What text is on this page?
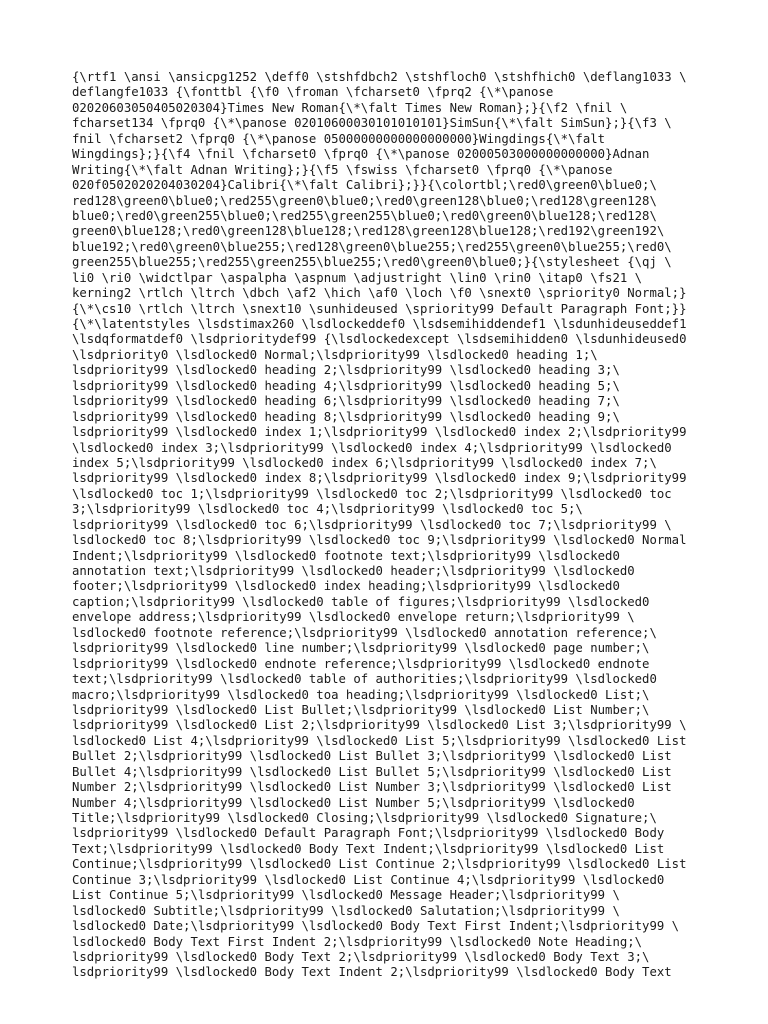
{\rtf1 \ansi \ansicpg1252 \deff0 \stshfdbch2 \stshfloch0 \stshfhich0 \deflang1033 \
deflangfe1033 {\fonttbl {\f0 \froman \fcharset0 \fprq2 {\*\panose
02020603050405020304}Times New Roman{\*\falt Times New Roman};}{\f2 \fnil \
fcharset134 \fprq0 {\*\panose 02010600030101010101}SimSun{\*\falt SimSun};}{\f3 \
fnil \fcharset2 \fprq0 {\*\panose 05000000000000000000}Wingdings{\*\falt
Wingdings};}{\f4 \fnil \fcharset0 \fprq0 {\*\panose 02000503000000000000}Adnan
Writing{\*\falt Adnan Writing};}{\f5 \fswiss \fcharset0 \fprq0 {\*\panose
020f0502020204030204}Calibri{\*\falt Calibri};}}{\colortbl;\red0\green0\blue0;\
red128\green0\blue0;\red255\green0\blue0;\red0\green128\blue0;\red128\green128\
blue0;\red0\green255\blue0;\red255\green255\blue0;\red0\green0\blue128;\red128\
green0\blue128;\red0\green128\blue128;\red128\green128\blue128;\red192\green192\
blue192;\red0\green0\blue255;\red128\green0\blue255;\red255\green0\blue255;\red0\
green255\blue255;\red255\green255\blue255;\red0\green0\blue0;}{\stylesheet {\qj \
li0 \ri0 \widctlpar \aspalpha \aspnum \adjustright \lin0 \rin0 \itap0 \fs21 \
kerning2 \rtlch \ltrch \dbch \af2 \hich \af0 \loch \f0 \snext0 \spriority0 Normal;}
{\*\cs10 \rtlch \ltrch \snext10 \sunhideused \spriority99 Default Paragraph Font;}}
{\*\latentstyles \lsdstimax260 \lsdlockeddef0 \lsdsemihiddendef1 \lsdunhideuseddef1
\lsdqformatdef0 \lsdprioritydef99 {\lsdlockedexcept \lsdsemihidden0 \lsdunhideused0
\lsdpriority0 \lsdlocked0 Normal;\lsdpriority99 \lsdlocked0 heading 1;\
lsdpriority99 \lsdlocked0 heading 2;\lsdpriority99 \lsdlocked0 heading 3;\
lsdpriority99 \lsdlocked0 heading 4;\lsdpriority99 \lsdlocked0 heading 5;\
lsdpriority99 \lsdlocked0 heading 6;\lsdpriority99 \lsdlocked0 heading 7;\
lsdpriority99 \lsdlocked0 heading 8;\lsdpriority99 \lsdlocked0 heading 9;\
lsdpriority99 \lsdlocked0 index 1;\lsdpriority99 \lsdlocked0 index 2;\lsdpriority99
\lsdlocked0 index 3;\lsdpriority99 \lsdlocked0 index 4;\lsdpriority99 \lsdlocked0
index 5;\lsdpriority99 \lsdlocked0 index 6;\lsdpriority99 \lsdlocked0 index 7;\
lsdpriority99 \lsdlocked0 index 8;\lsdpriority99 \lsdlocked0 index 9;\lsdpriority99
\lsdlocked0 toc 1;\lsdpriority99 \lsdlocked0 toc 2;\lsdpriority99 \lsdlocked0 toc
3;\lsdpriority99 \lsdlocked0 toc 4;\lsdpriority99 \lsdlocked0 toc 5;\
lsdpriority99 \lsdlocked0 toc 6;\lsdpriority99 \lsdlocked0 toc 7;\lsdpriority99 \
lsdlocked0 toc 8;\lsdpriority99 \lsdlocked0 toc 9;\lsdpriority99 \lsdlocked0 Normal
Indent;\lsdpriority99 \lsdlocked0 footnote text;\lsdpriority99 \lsdlocked0
annotation text;\lsdpriority99 \lsdlocked0 header;\lsdpriority99 \lsdlocked0
footer;\lsdpriority99 \lsdlocked0 index heading;\lsdpriority99 \lsdlocked0
caption;\lsdpriority99 \lsdlocked0 table of figures;\lsdpriority99 \lsdlocked0
envelope address;\lsdpriority99 \lsdlocked0 envelope return;\lsdpriority99 \
lsdlocked0 footnote reference;\lsdpriority99 \lsdlocked0 annotation reference;\
lsdpriority99 \lsdlocked0 line number;\lsdpriority99 \lsdlocked0 page number;\
lsdpriority99 \lsdlocked0 endnote reference;\lsdpriority99 \lsdlocked0 endnote
text;\lsdpriority99 \lsdlocked0 table of authorities;\lsdpriority99 \lsdlocked0
macro;\lsdpriority99 \lsdlocked0 toa heading;\lsdpriority99 \lsdlocked0 List;\
lsdpriority99 \lsdlocked0 List Bullet;\lsdpriority99 \lsdlocked0 List Number;\
lsdpriority99 \lsdlocked0 List 2;\lsdpriority99 \lsdlocked0 List 3;\lsdpriority99 \
lsdlocked0 List 4;\lsdpriority99 \lsdlocked0 List 5;\lsdpriority99 \lsdlocked0 List
Bullet 2;\lsdpriority99 \lsdlocked0 List Bullet 3;\lsdpriority99 \lsdlocked0 List
Bullet 4;\lsdpriority99 \lsdlocked0 List Bullet 5;\lsdpriority99 \lsdlocked0 List
Number 2;\lsdpriority99 \lsdlocked0 List Number 3;\lsdpriority99 \lsdlocked0 List
Number 4;\lsdpriority99 \lsdlocked0 List Number 5;\lsdpriority99 \lsdlocked0
Title;\lsdpriority99 \lsdlocked0 Closing;\lsdpriority99 \lsdlocked0 Signature;\
lsdpriority99 \lsdlocked0 Default Paragraph Font;\lsdpriority99 \lsdlocked0 Body
Text;\lsdpriority99 \lsdlocked0 Body Text Indent;\lsdpriority99 \lsdlocked0 List
Continue;\lsdpriority99 \lsdlocked0 List Continue 2;\lsdpriority99 \lsdlocked0 List
Continue 3;\lsdpriority99 \lsdlocked0 List Continue 4;\lsdpriority99 \lsdlocked0
List Continue 5;\lsdpriority99 \lsdlocked0 Message Header;\lsdpriority99 \
lsdlocked0 Subtitle;\lsdpriority99 \lsdlocked0 Salutation;\lsdpriority99 \
lsdlocked0 Date;\lsdpriority99 \lsdlocked0 Body Text First Indent;\lsdpriority99 \
lsdlocked0 Body Text First Indent 2;\lsdpriority99 \lsdlocked0 Note Heading;\
lsdpriority99 \lsdlocked0 Body Text 2;\lsdpriority99 \lsdlocked0 Body Text 3;\
lsdpriority99 \lsdlocked0 Body Text Indent 2;\lsdpriority99 \lsdlocked0 Body Text
